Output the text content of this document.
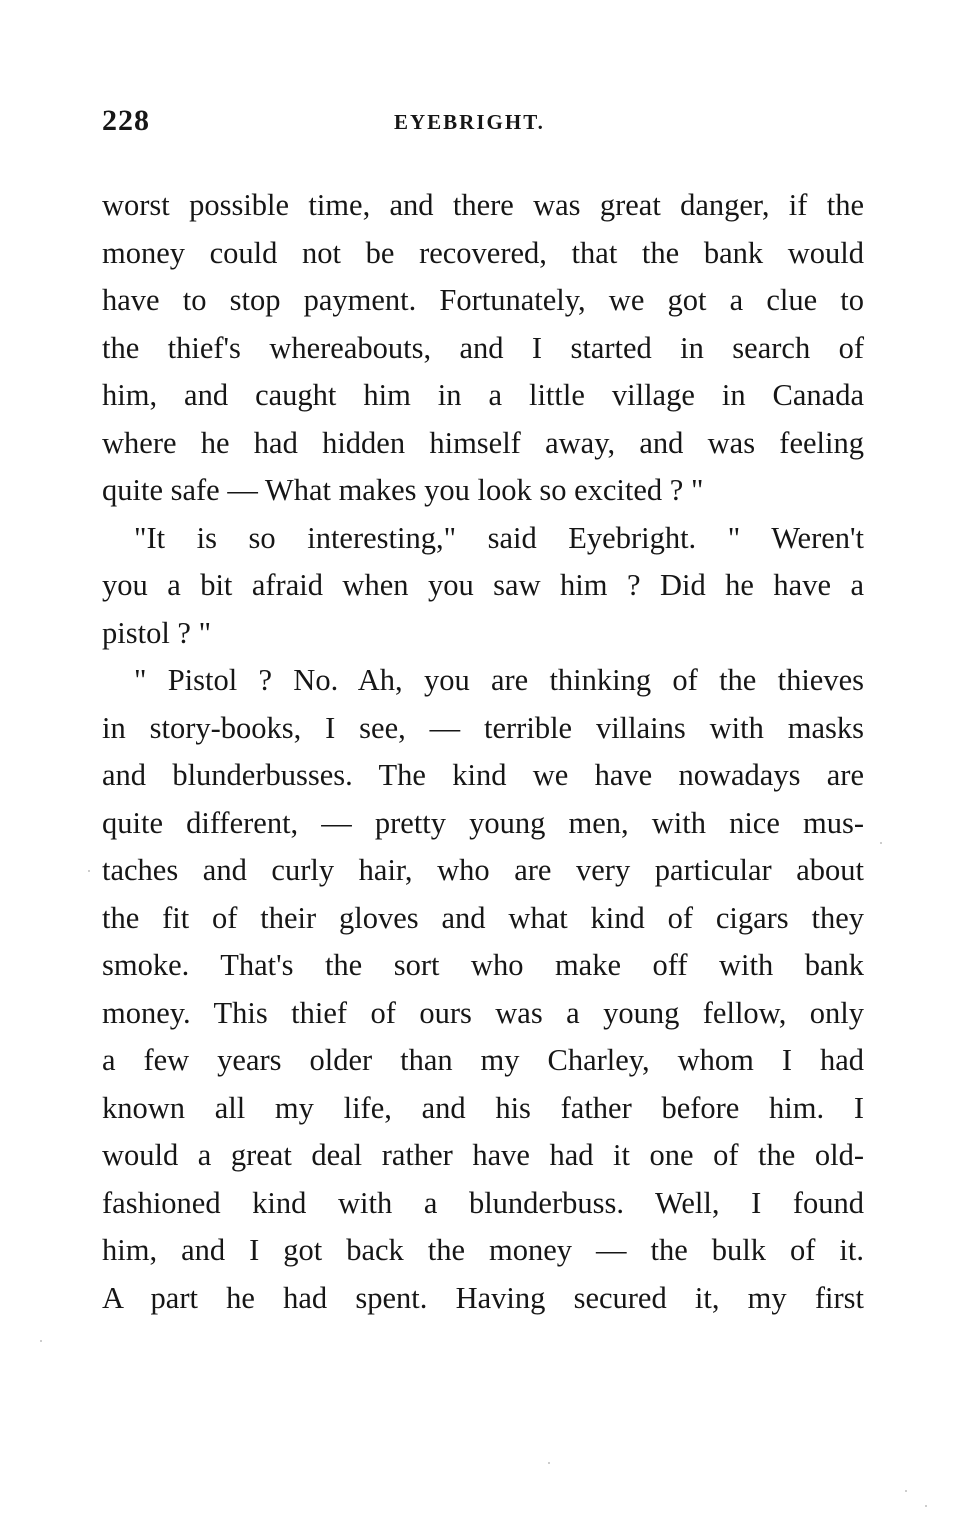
228	EYEBRIGHT.
worst possible time, and there was great danger, if the
money could not be recovered, that the bank would
have to stop payment. Fortunately, we got a clue to
the thief's whereabouts, and I started in search of
him, and caught him in a little village in Canada
where he had hidden himself away, and was feeling
quite safe — What makes you look so excited ? "
"It is so interesting," said Eyebright. " Weren't
you a bit afraid when you saw him ? Did he have a
pistol ? "
" Pistol ? No. Ah, you are thinking of the thieves
in story-books, I see, — terrible villains with masks
and blunderbusses. The kind we have nowadays are
quite different, — pretty young men, with nice mus-
taches and curly hair, who are very particular about
the fit of their gloves and what kind of cigars they
smoke. That's the sort who make off with bank
money. This thief of ours was a young fellow, only
a few years older than my Charley, whom I had
known all my life, and his father before him. I
would a great deal rather have had it one of the old-
fashioned kind with a blunderbuss. Well, I found
him, and I got back the money — the bulk of it.
A part he had spent. Having secured it, my first
